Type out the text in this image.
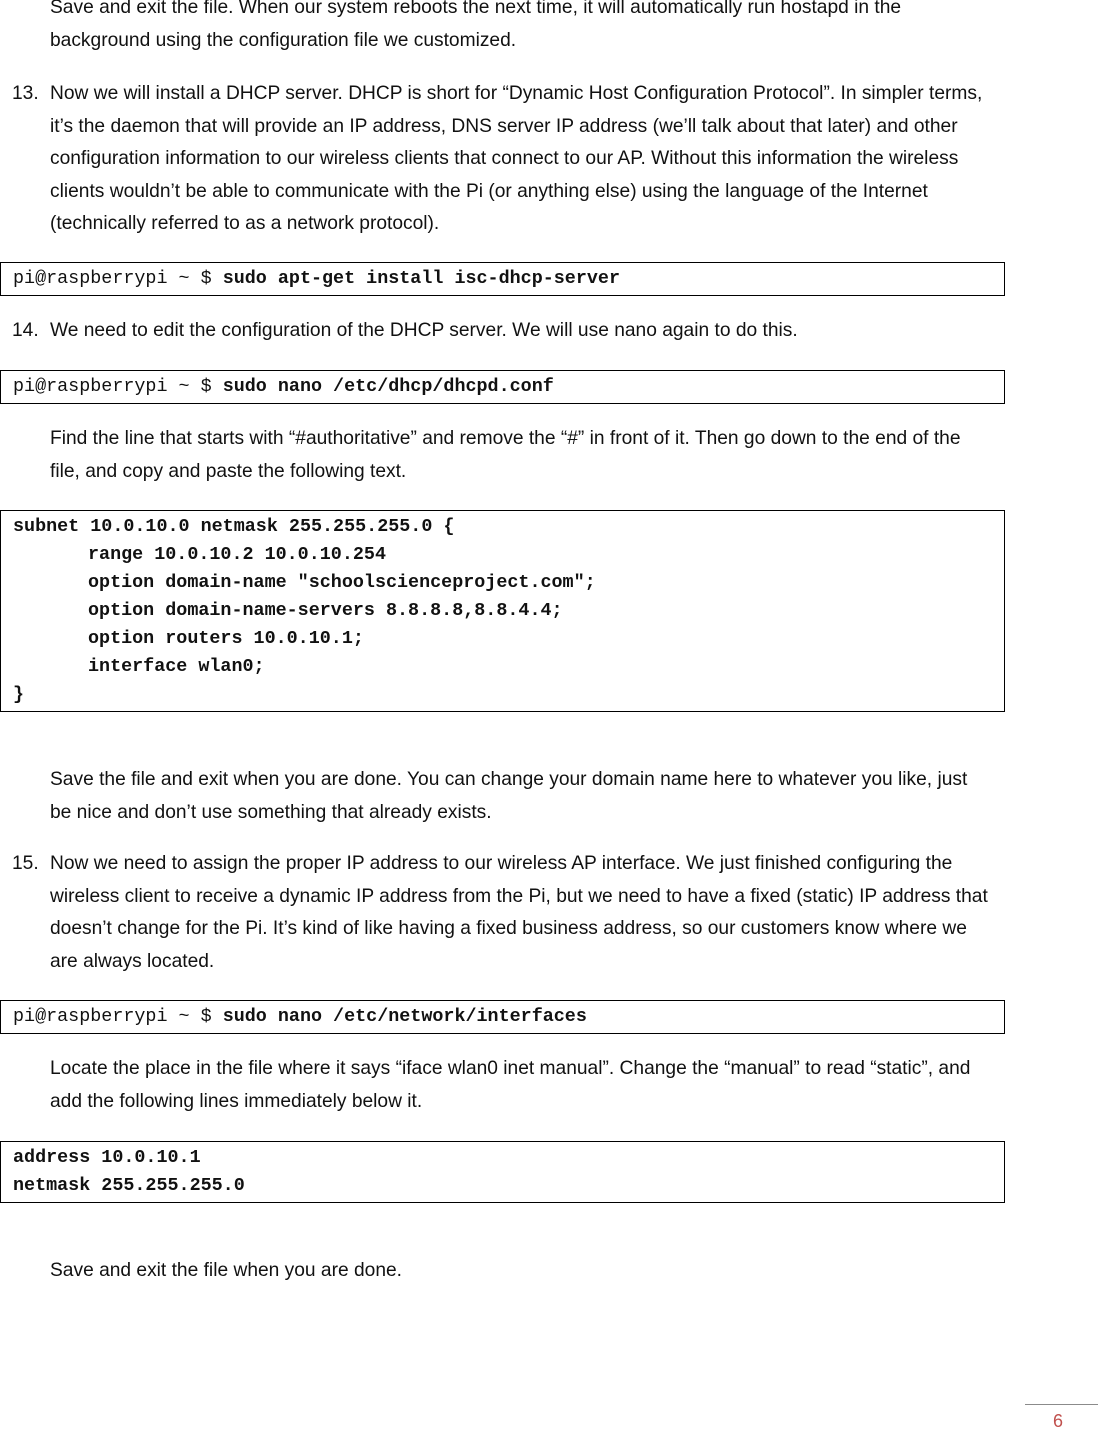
Save and exit the file. When our system reboots the next time, it will automatically run hostapd in the background using the configuration file we customized.

13. Now we will install a DHCP server. DHCP is short for “Dynamic Host Configuration Protocol”. In simpler terms, it’s the daemon that will provide an IP address, DNS server IP address (we’ll talk about that later) and other configuration information to our wireless clients that connect to our AP. Without this information the wireless clients wouldn’t be able to communicate with the Pi (or anything else) using the language of the Internet (technically referred to as a network protocol).

pi@raspberrypi ~ $ sudo apt-get install isc-dhcp-server
14. We need to edit the configuration of the DHCP server. We will use nano again to do this.

pi@raspberrypi ~ $ sudo nano /etc/dhcp/dhcpd.conf

Find the line that starts with “#authoritative” and remove the “#” in front of it. Then go down to the end of the file, and copy and paste the following text.

subnet 10.0.10.0 netmask 255.255.255.0 {
range 10.0.10.2 10.0.10.254
option domain-name "schoolscienceproject.com";
option domain-name-servers 8.8.8.8,8.8.4.4;
option routers 10.0.10.1;
interface wlan0;
}

Save the file and exit when you are done. You can change your domain name here to whatever you like, just be nice and don’t use something that already exists.

15. Now we need to assign the proper IP address to our wireless AP interface. We just finished configuring the wireless client to receive a dynamic IP address from the Pi, but we need to have a fixed (static) IP address that doesn’t change for the Pi. It’s kind of like having a fixed business address, so our customers know where we are always located.

pi@raspberrypi ~ $ sudo nano /etc/network/interfaces

Locate the place in the file where it says “iface wlan0 inet manual”. Change the “manual” to read “static”, and add the following lines immediately below it.

address 10.0.10.1
netmask 255.255.255.0

Save and exit the file when you are done.

6
